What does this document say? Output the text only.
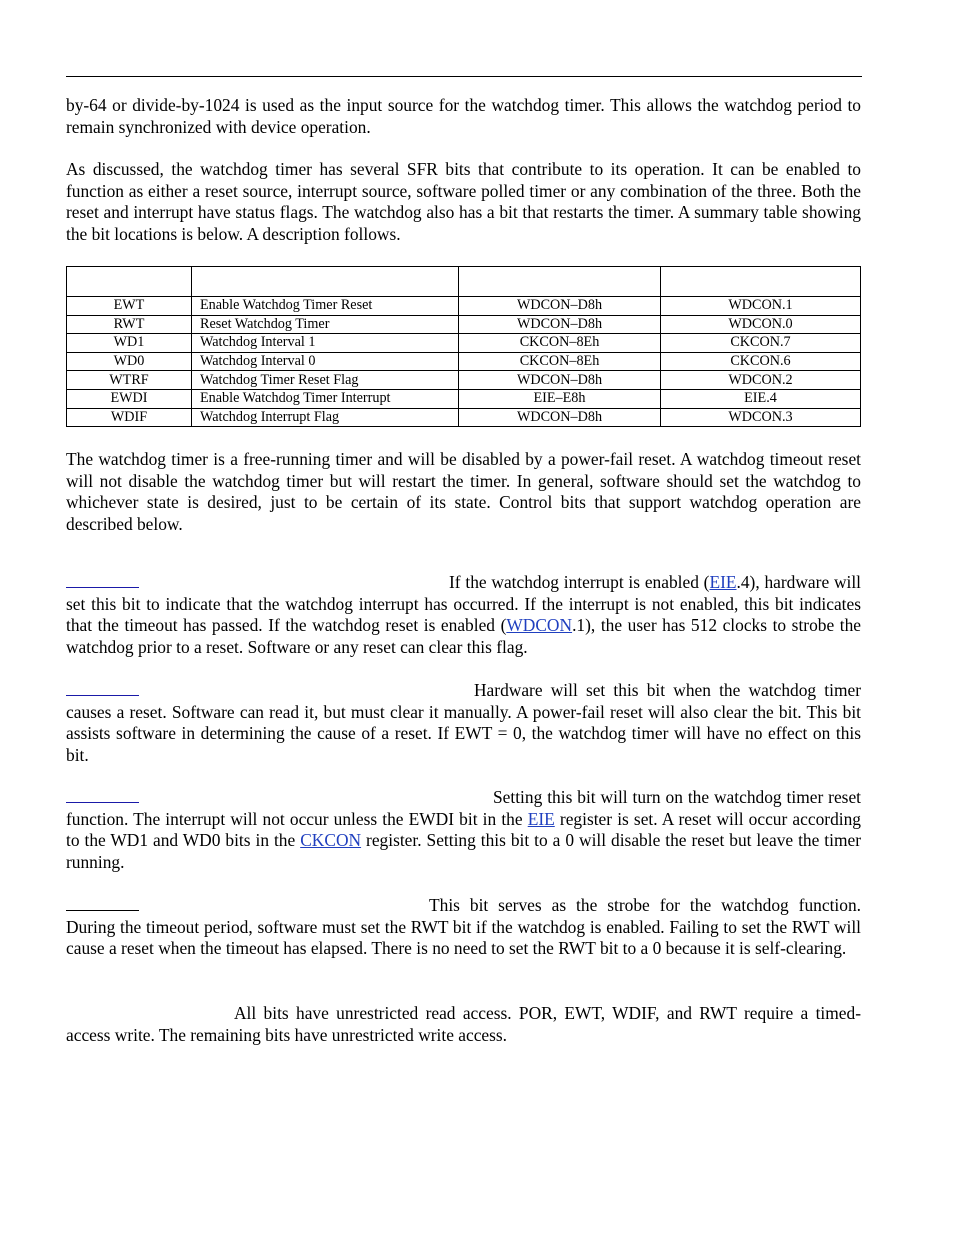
by-64 or divide-by-1024 is used as the input source for the watchdog timer. This allows the watchdog period to remain synchronized with device operation.

As discussed, the watchdog timer has several SFR bits that contribute to its operation. It can be enabled to function as either a reset source, interrupt source, software polled timer or any combination of the three. Both the reset and interrupt have status flags. The watchdog also has a bit that restarts the timer. A summary table showing the bit locations is below. A description follows.

EWT	Enable Watchdog Timer Reset	WDCON–D8h	WDCON.1
RWT	Reset Watchdog Timer	WDCON–D8h	WDCON.0
WD1	Watchdog Interval 1	CKCON–8Eh	CKCON.7
WD0	Watchdog Interval 0	CKCON–8Eh	CKCON.6
WTRF	Watchdog Timer Reset Flag	WDCON–D8h	WDCON.2
EWDI	Enable Watchdog Timer Interrupt	EIE–E8h	EIE.4
WDIF	Watchdog Interrupt Flag	WDCON–D8h	WDCON.3

The watchdog timer is a free-running timer and will be disabled by a power-fail reset. A watchdog timeout reset will not disable the watchdog timer but will restart the timer. In general, software should set the watchdog to whichever state is desired, just to be certain of its state. Control bits that support watchdog operation are described below.

If the watchdog interrupt is enabled (EIE.4), hardware will set this bit to indicate that the watchdog interrupt has occurred. If the interrupt is not enabled, this bit indicates that the timeout has passed. If the watchdog reset is enabled (WDCON.1), the user has 512 clocks to strobe the watchdog prior to a reset. Software or any reset can clear this flag.

Hardware will set this bit when the watchdog timer causes a reset. Software can read it, but must clear it manually. A power-fail reset will also clear the bit. This bit assists software in determining the cause of a reset. If EWT = 0, the watchdog timer will have no effect on this bit.

Setting this bit will turn on the watchdog timer reset function. The interrupt will not occur unless the EWDI bit in the EIE register is set. A reset will occur according to the WD1 and WD0 bits in the CKCON register. Setting this bit to a 0 will disable the reset but leave the timer running.

This bit serves as the strobe for the watchdog function. During the timeout period, software must set the RWT bit if the watchdog is enabled. Failing to set the RWT will cause a reset when the timeout has elapsed. There is no need to set the RWT bit to a 0 because it is self-clearing.

All bits have unrestricted read access. POR, EWT, WDIF, and RWT require a timed-access write. The remaining bits have unrestricted write access.
